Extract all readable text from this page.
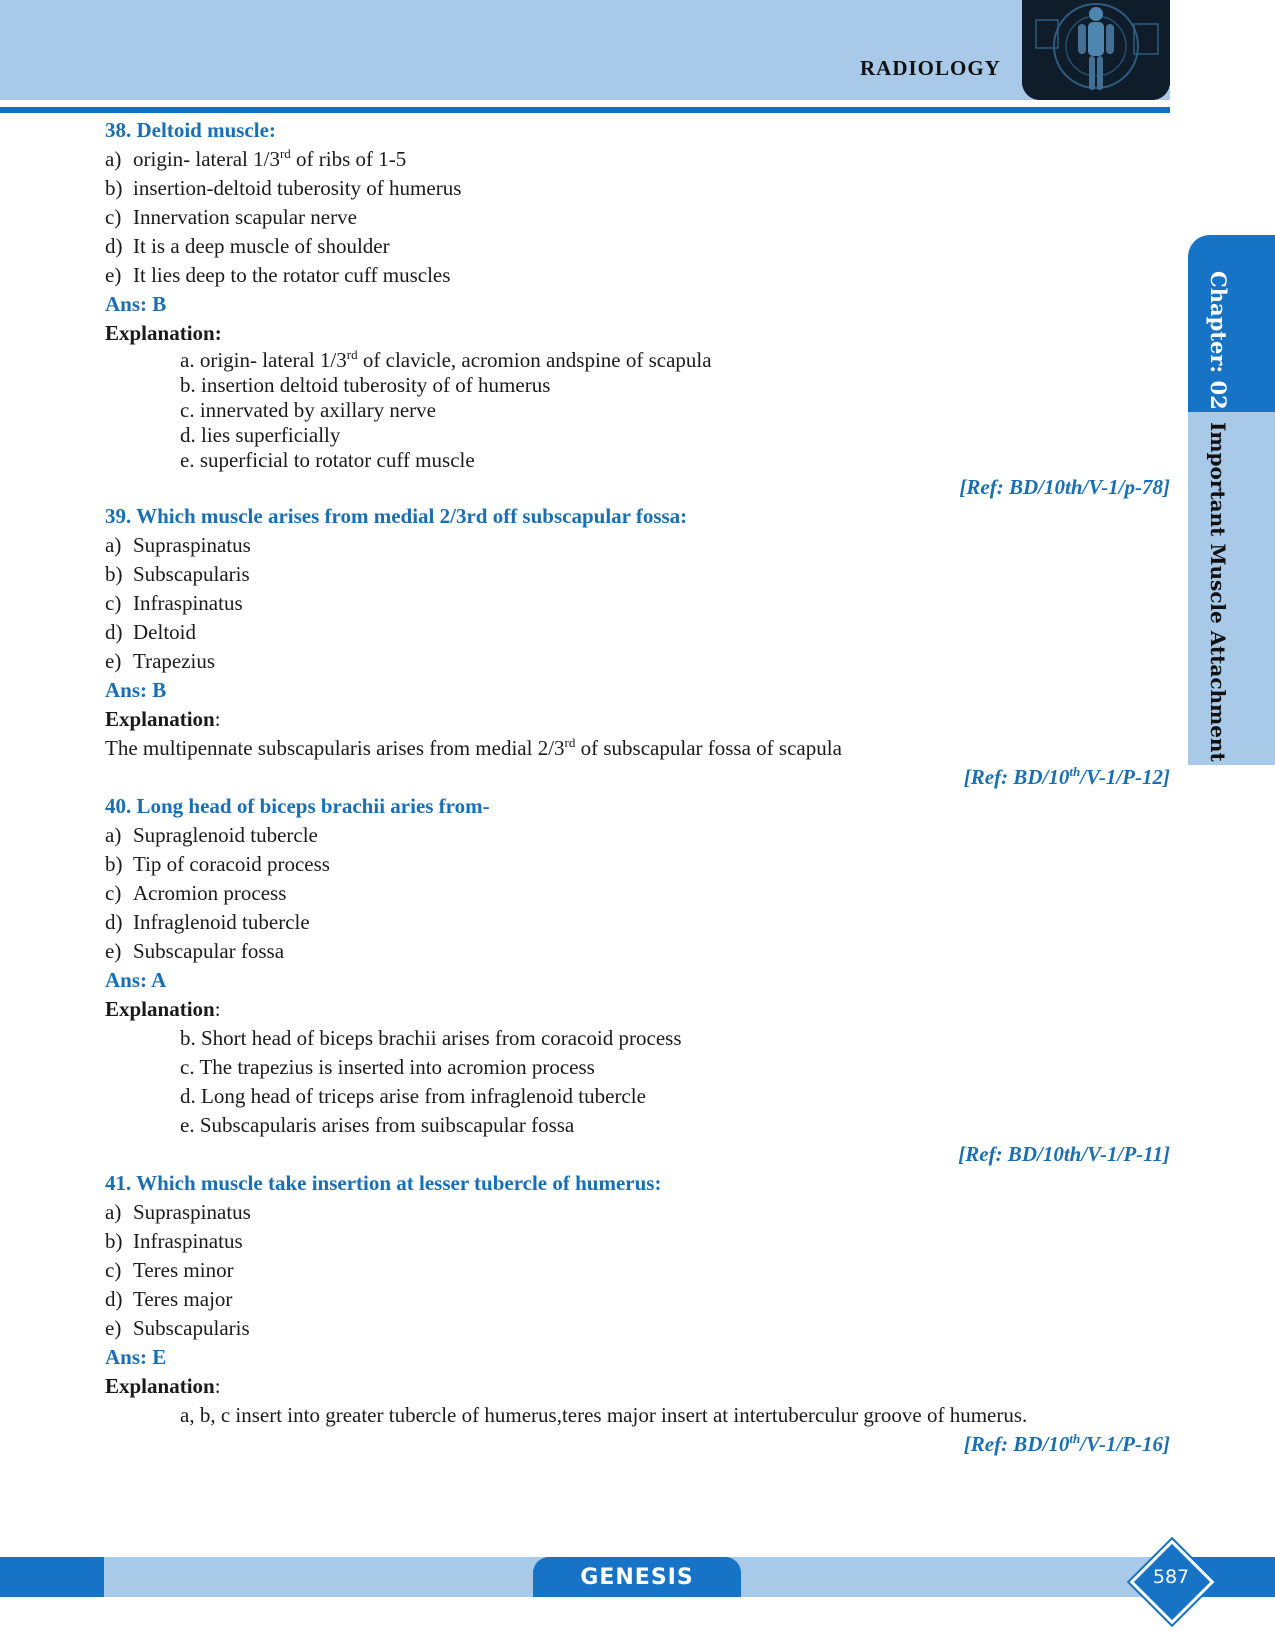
RADIOLOGY
Chapter: 02
Important Muscle Attachment
38. Deltoid muscle:
a) origin- lateral 1/3rd of ribs of 1-5
b) insertion-deltoid tuberosity of humerus
c) Innervation scapular nerve
d) It is a deep muscle of shoulder
e) It lies deep to the rotator cuff muscles
Ans: B
Explanation:
a. origin- lateral 1/3rd of clavicle, acromion andspine of scapula
b. insertion deltoid tuberosity of of humerus
c. innervated by axillary nerve
d. lies superficially
e. superficial to rotator cuff muscle
[Ref: BD/10th/V-1/p-78]
39. Which muscle arises from medial 2/3rd off subscapular fossa:
a) Supraspinatus
b) Subscapularis
c) Infraspinatus
d) Deltoid
e) Trapezius
Ans: B
Explanation:
The multipennate subscapularis arises from medial 2/3rd of subscapular fossa of scapula
[Ref: BD/10th/V-1/P-12]
40. Long head of biceps brachii aries from-
a) Supraglenoid tubercle
b) Tip of coracoid process
c) Acromion process
d) Infraglenoid tubercle
e) Subscapular fossa
Ans: A
Explanation:
b. Short head of biceps brachii arises from coracoid process
c. The trapezius is inserted into acromion process
d. Long head of triceps arise from infraglenoid tubercle
e. Subscapularis arises from suibscapular fossa
[Ref: BD/10th/V-1/P-11]
41. Which muscle take insertion at lesser tubercle of humerus:
a) Supraspinatus
b) Infraspinatus
c) Teres minor
d) Teres major
e) Subscapularis
Ans: E
Explanation:
a, b, c insert into greater tubercle of humerus,teres major insert at intertuberculur groove of humerus.
[Ref: BD/10th/V-1/P-16]
GENESIS	587
